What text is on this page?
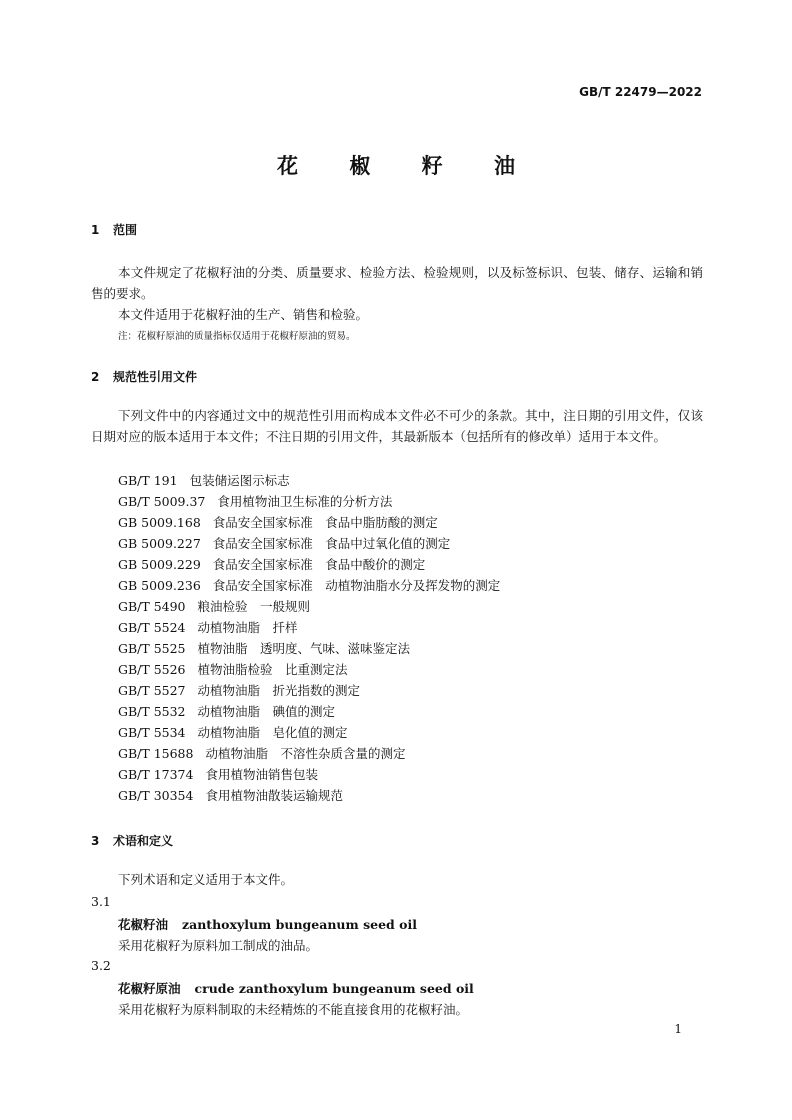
GB/T 22479—2022
花 椒 籽 油
1 范围

本文件规定了花椒籽油的分类、质量要求、检验方法、检验规则，以及标签标识、包装、储存、运输和销售的要求。

本文件适用于花椒籽油的生产、销售和检验。

注：花椒籽原油的质量指标仅适用于花椒籽原油的贸易。
2 规范性引用文件

下列文件中的内容通过文中的规范性引用而构成本文件必不可少的条款。其中，注日期的引用文件，仅该日期对应的版本适用于本文件；不注日期的引用文件，其最新版本（包括所有的修改单）适用于本文件。

GB/T 191 包装储运图示标志
GB/T 5009.37 食用植物油卫生标准的分析方法
GB 5009.168 食品安全国家标准　食品中脂肪酸的测定
GB 5009.227 食品安全国家标准　食品中过氧化值的测定
GB 5009.229 食品安全国家标准　食品中酸价的测定
GB 5009.236 食品安全国家标准　动植物油脂水分及挥发物的测定
GB/T 5490 粮油检验　一般规则
GB/T 5524 动植物油脂　扦样
GB/T 5525 植物油脂　透明度、气味、滋味鉴定法
GB/T 5526 植物油脂检验　比重测定法
GB/T 5527 动植物油脂　折光指数的测定
GB/T 5532 动植物油脂　碘值的测定
GB/T 5534 动植物油脂　皂化值的测定
GB/T 15688 动植物油脂　不溶性杂质含量的测定
GB/T 17374 食用植物油销售包装
GB/T 30354 食用植物油散装运输规范
3 术语和定义

下列术语和定义适用于本文件。

3.1
花椒籽油 zanthoxylum bungeanum seed oil
采用花椒籽为原料加工制成的油品。
3.2
花椒籽原油 crude zanthoxylum bungeanum seed oil
采用花椒籽为原料制取的未经精炼的不能直接食用的花椒籽油。
1
